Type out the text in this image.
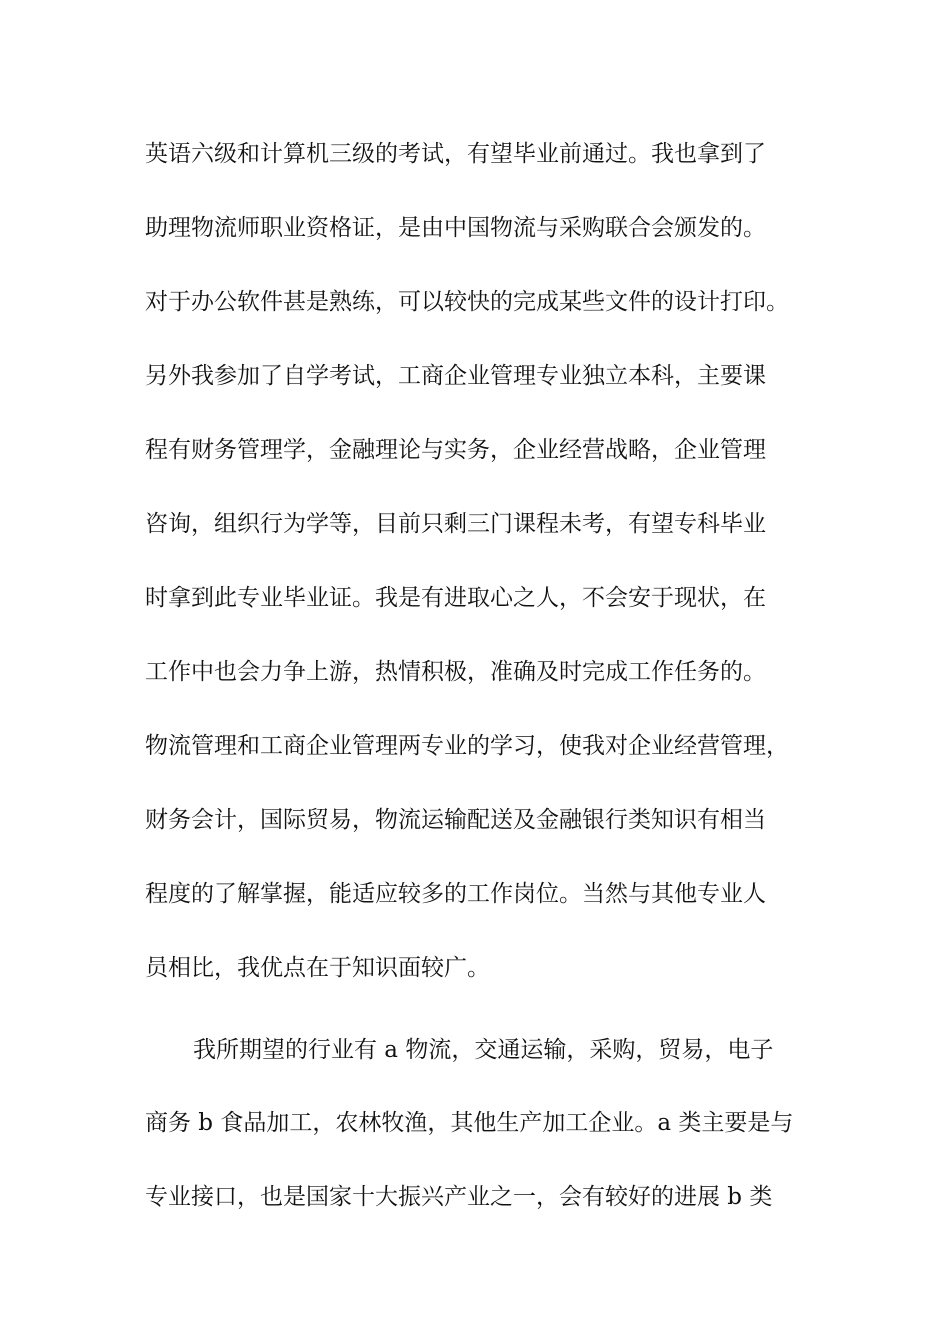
英语六级和计算机三级的考试，有望毕业前通过。我也拿到了
助理物流师职业资格证，是由中国物流与采购联合会颁发的。
对于办公软件甚是熟练，可以较快的完成某些文件的设计打印。
另外我参加了自学考试，工商企业管理专业独立本科，主要课
程有财务管理学，金融理论与实务，企业经营战略，企业管理
咨询，组织行为学等，目前只剩三门课程未考，有望专科毕业
时拿到此专业毕业证。我是有进取心之人，不会安于现状，在
工作中也会力争上游，热情积极，准确及时完成工作任务的。
物流管理和工商企业管理两专业的学习，使我对企业经营管理，
财务会计，国际贸易，物流运输配送及金融银行类知识有相当
程度的了解掌握，能适应较多的工作岗位。当然与其他专业人
员相比，我优点在于知识面较广。
我所期望的行业有 a 物流，交通运输，采购，贸易，电子
商务 b 食品加工，农林牧渔，其他生产加工企业。a 类主要是与
专业接口，也是国家十大振兴产业之一，会有较好的进展 b 类
